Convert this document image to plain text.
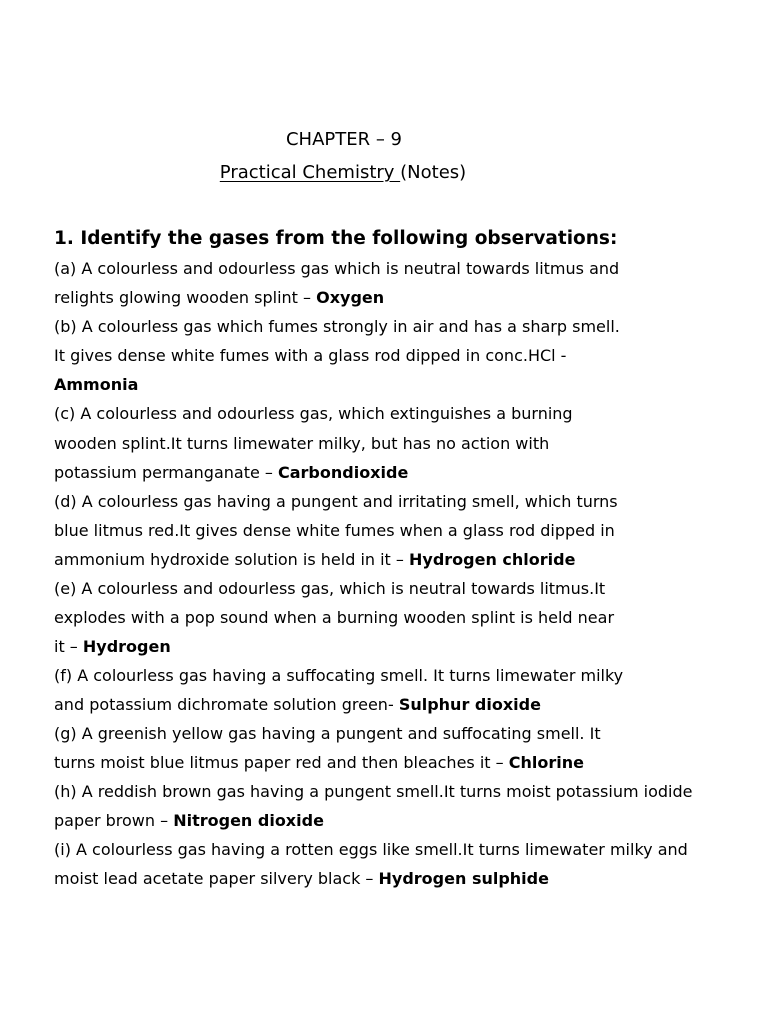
CHAPTER – 9
Practical Chemistry (Notes)
1. Identify the gases from the following observations:
(a) A colourless and odourless gas which is neutral towards litmus and
relights glowing wooden splint – Oxygen
(b) A colourless gas which fumes strongly in air and has a sharp smell.
It gives dense white fumes with a glass rod dipped in conc.HCl -
Ammonia
(c) A colourless and odourless gas, which extinguishes a burning
wooden splint.It turns limewater milky, but has no action with
potassium permanganate – Carbondioxide
(d) A colourless gas having a pungent and irritating smell, which turns
blue litmus red.It gives dense white fumes when a glass rod dipped in
ammonium hydroxide solution is held in it – Hydrogen chloride
(e) A colourless and odourless gas, which is neutral towards litmus.It
explodes with a pop sound when a burning wooden splint is held near
it – Hydrogen
(f) A colourless gas having a suffocating smell. It turns limewater milky
and potassium dichromate solution green- Sulphur dioxide
(g) A greenish yellow gas having a pungent and suffocating smell. It
turns moist blue litmus paper red and then bleaches it – Chlorine
(h) A reddish brown gas having a pungent smell.It turns moist potassium iodide
paper brown – Nitrogen dioxide
(i) A colourless gas having a rotten eggs like smell.It turns limewater milky and
moist lead acetate paper silvery black – Hydrogen sulphide
